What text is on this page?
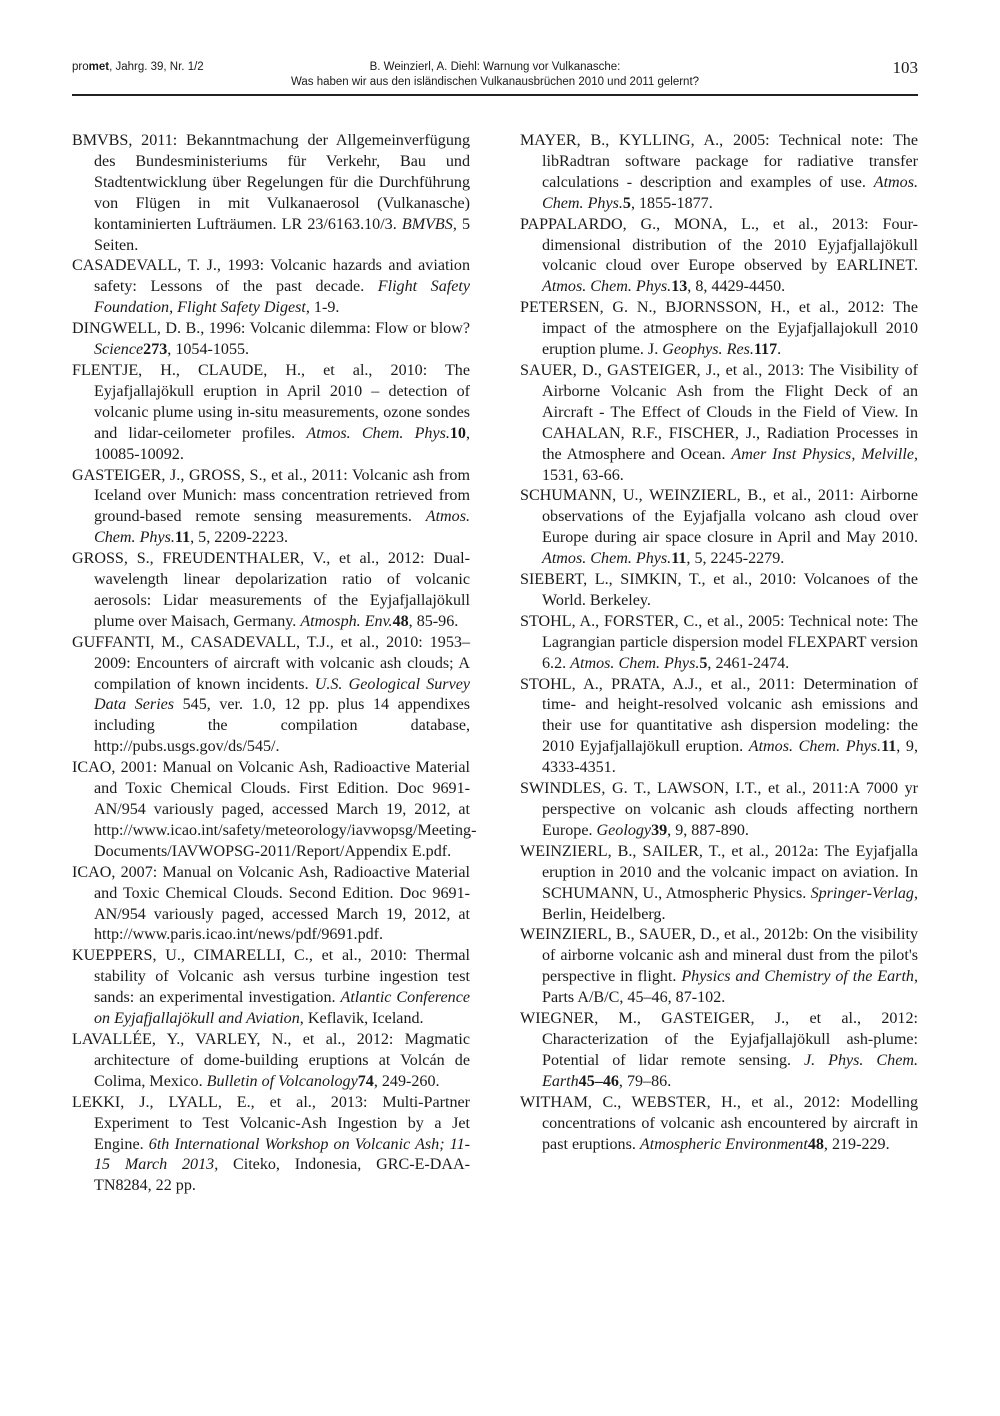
promet, Jahrg. 39, Nr. 1/2	B. Weinzierl, A. Diehl: Warnung vor Vulkanasche:
Was haben wir aus den isländischen Vulkanausbrüchen 2010 und 2011 gelernt?
103

BMVBS, 2011: Bekanntmachung der Allgemeinverfügung des Bundesministeriums für Verkehr, Bau und Stadtentwicklung über Regelungen für die Durchführung von Flügen in mit Vulkanaerosol (Vulkanasche) kontaminierten Lufträumen. LR 23/6163.10/3. BMVBS, 5 Seiten.

CASADEVALL, T. J., 1993: Volcanic hazards and aviation safety: Lessons of the past decade. Flight Safety Foundation, Flight Safety Digest, 1-9.

DINGWELL, D. B., 1996: Volcanic dilemma: Flow or blow? Science273, 1054-1055.

FLENTJE, H., CLAUDE, H., et al., 2010: The Eyjafjallajökull eruption in April 2010 – detection of volcanic plume using in-situ measurements, ozone sondes and lidar-ceilometer profiles. Atmos. Chem. Phys.10, 10085-10092.

GASTEIGER, J., GROSS, S., et al., 2011: Volcanic ash from Iceland over Munich: mass concentration retrieved from ground-based remote sensing measurements. Atmos. Chem. Phys.11, 5, 2209-2223.

GROSS, S., FREUDENTHALER, V., et al., 2012: Dual-wavelength linear depolarization ratio of volcanic aerosols: Lidar measurements of the Eyjafjallajökull plume over Maisach, Germany. Atmosph. Env.48, 85-96.

GUFFANTI, M., CASADEVALL, T.J., et al., 2010: 1953–2009: Encounters of aircraft with volcanic ash clouds; A compilation of known incidents. U.S. Geological Survey Data Series 545, ver. 1.0, 12 pp. plus 14 appendixes including the compilation database, http://pubs.usgs.gov/ds/545/.

ICAO, 2001: Manual on Volcanic Ash, Radioactive Material and Toxic Chemical Clouds. First Edition. Doc 9691-AN/954 variously paged, accessed March 19, 2012, at http://www.icao.int/safety/meteorology/iavwopsg/Meeting-Documents/IAVWOPSG-2011/Report/Appendix E.pdf.

ICAO, 2007: Manual on Volcanic Ash, Radioactive Material and Toxic Chemical Clouds. Second Edition. Doc 9691-AN/954 variously paged, accessed March 19, 2012, at http://www.paris.icao.int/news/pdf/9691.pdf.

KUEPPERS, U., CIMARELLI, C., et al., 2010: Thermal stability of Volcanic ash versus turbine ingestion test sands: an experimental investigation. Atlantic Conference on Eyjafjallajökull and Aviation, Keflavik, Iceland.

LAVALLÉE, Y., VARLEY, N., et al., 2012: Magmatic architecture of dome-building eruptions at Volcán de Colima, Mexico. Bulletin of Volcanology74, 249-260.

LEKKI, J., LYALL, E., et al., 2013: Multi-Partner Experiment to Test Volcanic-Ash Ingestion by a Jet Engine. 6th International Workshop on Volcanic Ash; 11-15 March 2013, Citeko, Indonesia, GRC-E-DAA-TN8284, 22 pp.

MAYER, B., KYLLING, A., 2005: Technical note: The libRadtran software package for radiative transfer calculations - description and examples of use. Atmos. Chem. Phys.5, 1855-1877.

PAPPALARDO, G., MONA, L., et al., 2013: Four-dimensional distribution of the 2010 Eyjafjallajökull volcanic cloud over Europe observed by EARLINET. Atmos. Chem. Phys.13, 8, 4429-4450.

PETERSEN, G. N., BJORNSSON, H., et al., 2012: The impact of the atmosphere on the Eyjafjallajokull 2010 eruption plume. J. Geophys. Res.117.

SAUER, D., GASTEIGER, J., et al., 2013: The Visibility of Airborne Volcanic Ash from the Flight Deck of an Aircraft - The Effect of Clouds in the Field of View. In CAHALAN, R.F., FISCHER, J., Radiation Processes in the Atmosphere and Ocean. Amer Inst Physics, Melville, 1531, 63-66.

SCHUMANN, U., WEINZIERL, B., et al., 2011: Airborne observations of the Eyjafjalla volcano ash cloud over Europe during air space closure in April and May 2010. Atmos. Chem. Phys.11, 5, 2245-2279.

SIEBERT, L., SIMKIN, T., et al., 2010: Volcanoes of the World. Berkeley.

STOHL, A., FORSTER, C., et al., 2005: Technical note: The Lagrangian particle dispersion model FLEXPART version 6.2. Atmos. Chem. Phys.5, 2461-2474.

STOHL, A., PRATA, A.J., et al., 2011: Determination of time- and height-resolved volcanic ash emissions and their use for quantitative ash dispersion modeling: the 2010 Eyjafjallajökull eruption. Atmos. Chem. Phys.11, 9, 4333-4351.

SWINDLES, G. T., LAWSON, I.T., et al., 2011:A 7000 yr perspective on volcanic ash clouds affecting northern Europe. Geology39, 9, 887-890.

WEINZIERL, B., SAILER, T., et al., 2012a: The Eyjafjalla eruption in 2010 and the volcanic impact on aviation. In SCHUMANN, U., Atmospheric Physics. Springer-Verlag, Berlin, Heidelberg.

WEINZIERL, B., SAUER, D., et al., 2012b: On the visibility of airborne volcanic ash and mineral dust from the pilot's perspective in flight. Physics and Chemistry of the Earth, Parts A/B/C, 45–46, 87-102.

WIEGNER, M., GASTEIGER, J., et al., 2012: Characterization of the Eyjafjallajökull ash-plume: Potential of lidar remote sensing. J. Phys. Chem. Earth45–46, 79–86.

WITHAM, C., WEBSTER, H., et al., 2012: Modelling concentrations of volcanic ash encountered by aircraft in past eruptions. Atmospheric Environment48, 219-229.
